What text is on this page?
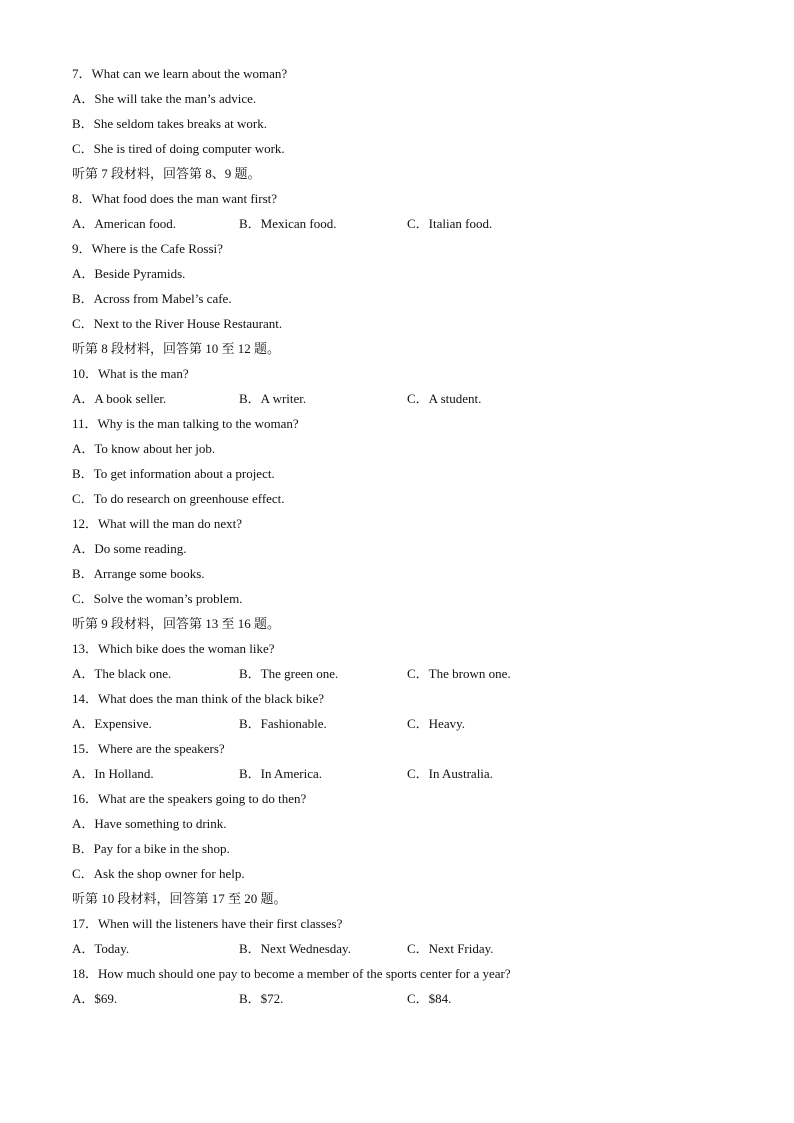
7．What can we learn about the woman?
A．She will take the man’s advice.
B．She seldom takes breaks at work.
C．She is tired of doing computer work.
听第 7 段材料，回答第 8、9 题。
8．What food does the man want first?
A．American food.	B．Mexican food.	C．Italian food.
9．Where is the Cafe Rossi?
A．Beside Pyramids.
B．Across from Mabel’s cafe.
C．Next to the River House Restaurant.
听第 8 段材料，回答第 10 至 12 题。
10．What is the man?
A．A book seller.	B．A writer.	C．A student.
11．Why is the man talking to the woman?
A．To know about her job.
B．To get information about a project.
C．To do research on greenhouse effect.
12．What will the man do next?
A．Do some reading.
B．Arrange some books.
C．Solve the woman’s problem.
听第 9 段材料，回答第 13 至 16 题。
13．Which bike does the woman like?
A．The black one.	B．The green one.	C．The brown one.
14．What does the man think of the black bike?
A．Expensive.	B．Fashionable.	C．Heavy.
15．Where are the speakers?
A．In Holland.	B．In America.	C．In Australia.
16．What are the speakers going to do then?
A．Have something to drink.
B．Pay for a bike in the shop.
C．Ask the shop owner for help.
听第 10 段材料，回答第 17 至 20 题。
17．When will the listeners have their first classes?
A．Today.	B．Next Wednesday.	C．Next Friday.
18．How much should one pay to become a member of the sports center for a year?
A．$69.	B．$72.	C．$84.
